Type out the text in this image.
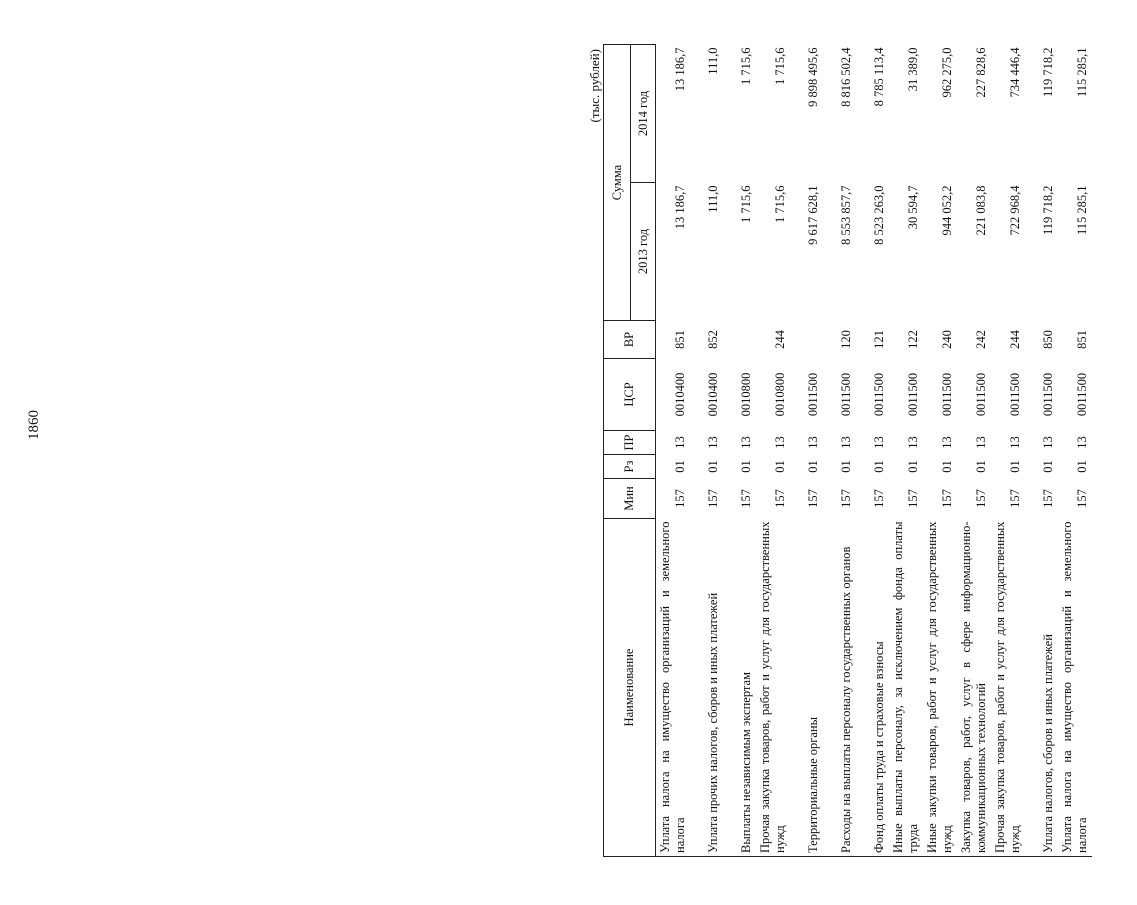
1860
(тыс. рублей)
Наименование	Мин	Рз	ПР	ЦСР	ВР	Сумма	
						2013 год	2014 год
Уплата налога на имущество организаций и земельного налога	157	01	13	0010400	851	13 186,7	13 186,7
Уплата прочих налогов, сборов и иных платежей	157	01	13	0010400	852	111,0	111,0
Выплаты независимым экспертам	157	01	13	0010800		1 715,6	1 715,6
Прочая закупка товаров, работ и услуг для государственных нужд	157	01	13	0010800	244	1 715,6	1 715,6
Территориальные органы	157	01	13	0011500		9 617 628,1	9 898 495,6
Расходы на выплаты персоналу государственных органов	157	01	13	0011500	120	8 553 857,7	8 816 502,4
Фонд оплаты труда и страховые взносы	157	01	13	0011500	121	8 523 263,0	8 785 113,4
Иные выплаты персоналу, за исключением фонда оплаты труда	157	01	13	0011500	122	30 594,7	31 389,0
Иные закупки товаров, работ и услуг для государственных нужд	157	01	13	0011500	240	944 052,2	962 275,0
Закупка товаров, работ, услуг в сфере информационно-коммуникационных технологий	157	01	13	0011500	242	221 083,8	227 828,6
Прочая закупка товаров, работ и услуг для государственных нужд	157	01	13	0011500	244	722 968,4	734 446,4
Уплата налогов, сборов и иных платежей	157	01	13	0011500	850	119 718,2	119 718,2
Уплата налога на имущество организаций и земельного налога	157	01	13	0011500	851	115 285,1	115 285,1
